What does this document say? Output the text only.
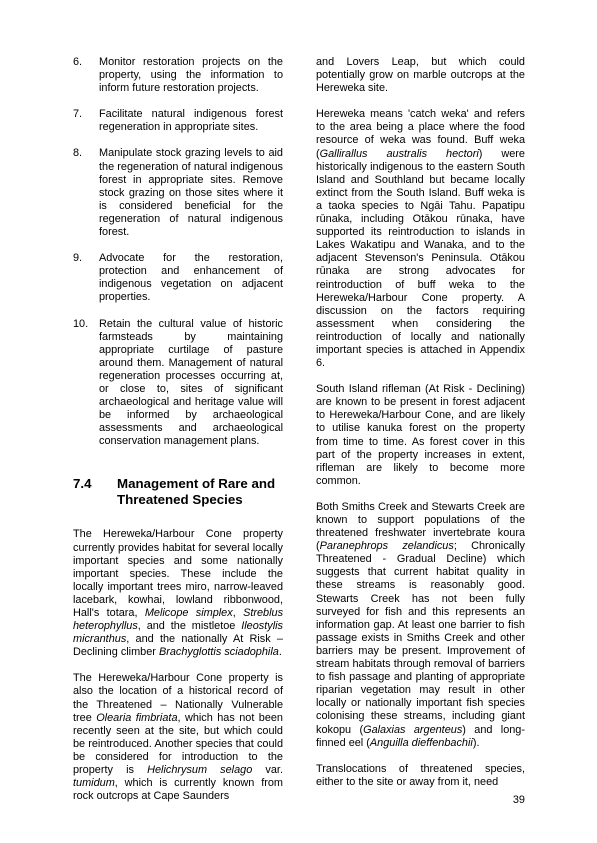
6.	Monitor restoration projects on the property, using the information to inform future restoration projects.
7.	Facilitate natural indigenous forest regeneration in appropriate sites.
8.	Manipulate stock grazing levels to aid the regeneration of natural indigenous forest in appropriate sites. Remove stock grazing on those sites where it is considered beneficial for the regeneration of natural indigenous forest.
9.	Advocate for the restoration, protection and enhancement of indigenous vegetation on adjacent properties.
10. Retain the cultural value of historic farmsteads by maintaining appropriate curtilage of pasture around them. Management of natural regeneration processes occurring at, or close to, sites of significant archaeological and heritage value will be informed by archaeological assessments and archaeological conservation management plans.
7.4	Management of Rare and Threatened Species

The Hereweka/Harbour Cone property currently provides habitat for several locally important species and some nationally important species. These include the locally important trees miro, narrow-leaved lacebark, kowhai, lowland ribbonwood, Hall's totara, Melicope simplex, Streblus heterophyllus, and the mistletoe Ileostylis micranthus, and the nationally At Risk – Declining climber Brachyglottis sciadophila.

The Hereweka/Harbour Cone property is also the location of a historical record of the Threatened – Nationally Vulnerable tree Olearia fimbriata, which has not been recently seen at the site, but which could be reintroduced. Another species that could be considered for introduction to the property is Helichrysum selago var. tumidum, which is currently known from rock outcrops at Cape Saunders

and Lovers Leap, but which could potentially grow on marble outcrops at the Hereweka site.

Hereweka means 'catch weka' and refers to the area being a place where the food resource of weka was found. Buff weka (Gallirallus australis hectori) were historically indigenous to the eastern South Island and Southland but became locally extinct from the South Island. Buff weka is a taoka species to Ngāi Tahu. Papatipu rūnaka, including Otākou rūnaka, have supported its reintroduction to islands in Lakes Wakatipu and Wanaka, and to the adjacent Stevenson's Peninsula. Otākou rūnaka are strong advocates for reintroduction of buff weka to the Hereweka/Harbour Cone property. A discussion on the factors requiring assessment when considering the reintroduction of locally and nationally important species is attached in Appendix 6.

South Island rifleman (At Risk - Declining) are known to be present in forest adjacent to Hereweka/Harbour Cone, and are likely to utilise kanuka forest on the property from time to time. As forest cover in this part of the property increases in extent, rifleman are likely to become more common.

Both Smiths Creek and Stewarts Creek are known to support populations of the threatened freshwater invertebrate koura (Paranephrops zelandicus; Chronically Threatened - Gradual Decline) which suggests that current habitat quality in these streams is reasonably good. Stewarts Creek has not been fully surveyed for fish and this represents an information gap. At least one barrier to fish passage exists in Smiths Creek and other barriers may be present. Improvement of stream habitats through removal of barriers to fish passage and planting of appropriate riparian vegetation may result in other locally or nationally important fish species colonising these streams, including giant kokopu (Galaxias argenteus) and long-finned eel (Anguilla dieffenbachii).

Translocations of threatened species, either to the site or away from it, need

39
